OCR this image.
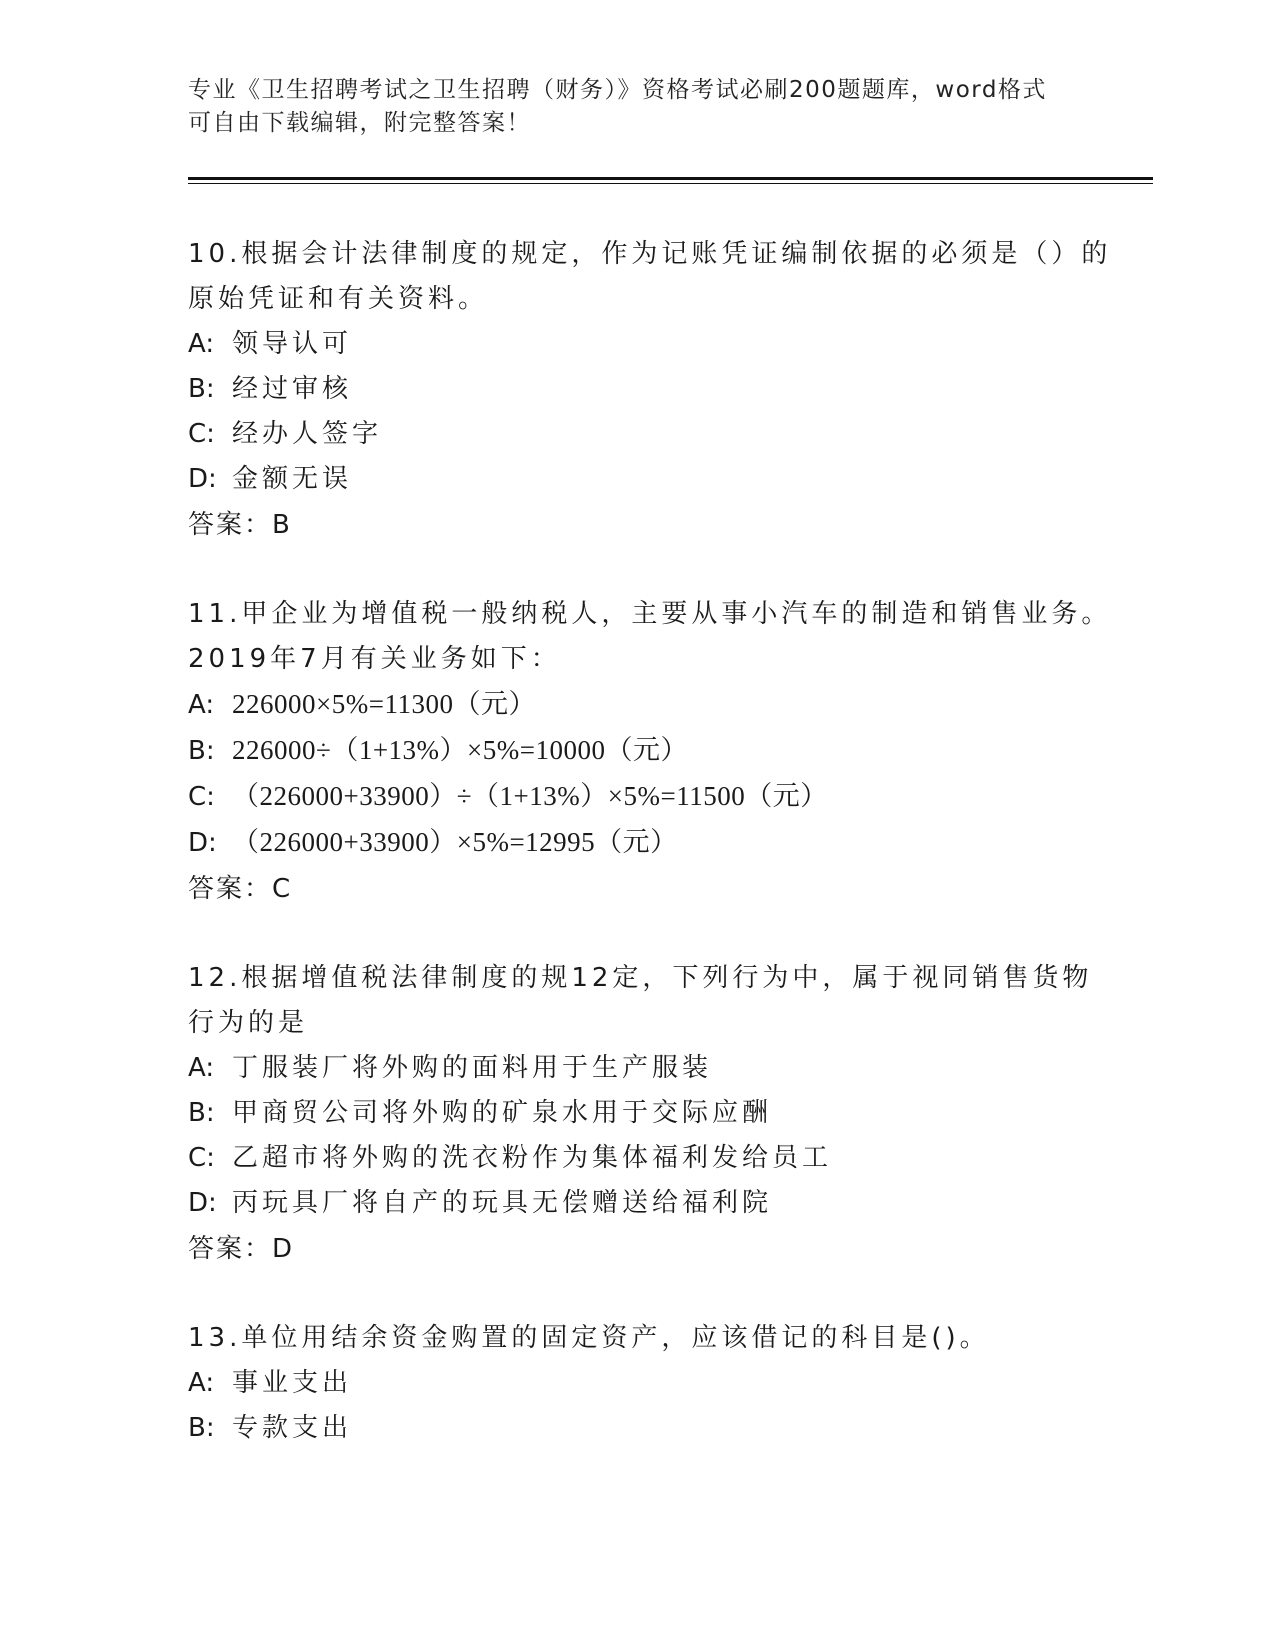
专业《卫生招聘考试之卫生招聘（财务）》资格考试必刷200题题库，word格式
可自由下载编辑，附完整答案！
10.根据会计法律制度的规定，作为记账凭证编制依据的必须是（）的
原始凭证和有关资料。
A: 领导认可
B: 经过审核
C: 经办人签字
D: 金额无误
答案：B
11.甲企业为增值税一般纳税人，主要从事小汽车的制造和销售业务。
2019年7月有关业务如下：
A: 226000×5%=11300（元）
B: 226000÷（1+13%）×5%=10000（元）
C: （226000+33900）÷（1+13%）×5%=11500（元）
D: （226000+33900）×5%=12995（元）
答案：C
12.根据增值税法律制度的规12定，下列行为中，属于视同销售货物
行为的是
A: 丁服装厂将外购的面料用于生产服装
B: 甲商贸公司将外购的矿泉水用于交际应酬
C: 乙超市将外购的洗衣粉作为集体福利发给员工
D: 丙玩具厂将自产的玩具无偿赠送给福利院
答案：D
13.单位用结余资金购置的固定资产，应该借记的科目是()。
A: 事业支出
B: 专款支出
